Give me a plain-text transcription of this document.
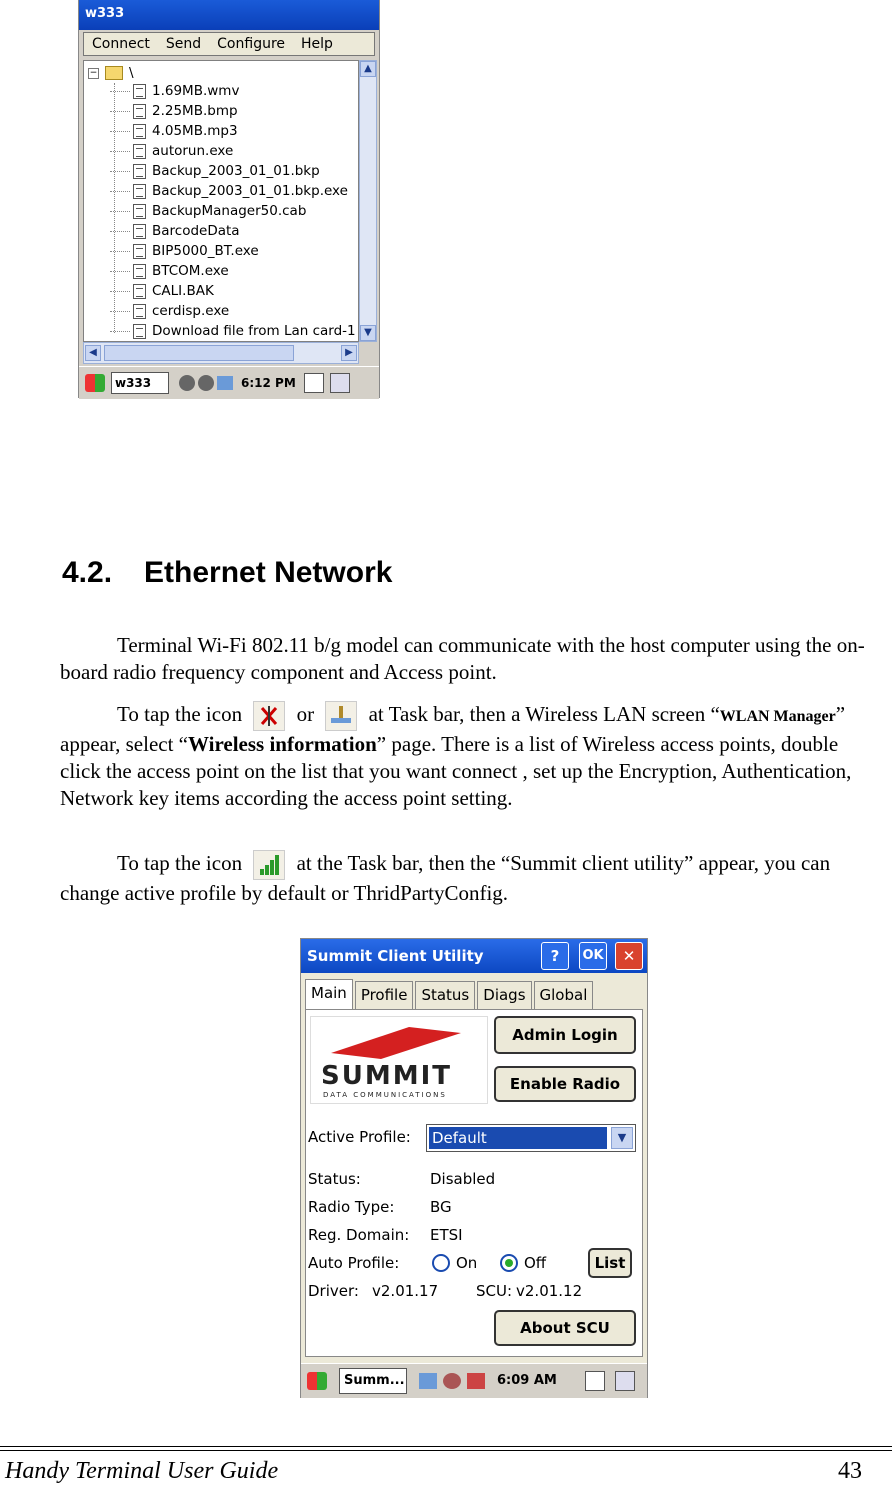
w333
Connect	Send	Configure	Help
− \
1.69MB.wmv
2.25MB.bmp
4.05MB.mp3
autorun.exe
Backup_2003_01_01.bkp
Backup_2003_01_01.bkp.exe
BackupManager50.cab
BarcodeData
BIP5000_BT.exe
BTCOM.exe
CALI.BAK
cerdisp.exe
Download file from Lan card-1
▲
▼
◀	▶
w333	6:12 PM
4.2. Ethernet Network
Terminal Wi-Fi 802.11 b/g model can communicate with the host computer using the on-board radio frequency component and Access point.
To tap the icon	or	at Task bar, then a Wireless LAN screen “WLAN Manager” appear, select “Wireless information” page. There is a list of Wireless access points, double click the access point on the list that you want connect , set up the Encryption, Authentication, Network key items according the access point setting.
To tap the icon	at the Task bar, then the “Summit client utility” appear, you can change active profile by default or ThridPartyConfig.
Summit Client Utility	?	OK	✕
Main Profile Status Diags Global
SUMMIT
DATA COMMUNICATIONS
Admin Login
Enable Radio
Active Profile: Default	▼
Status:	Disabled
Radio Type: BG
Reg. Domain: ETSI
Auto Profile:	On	Off	List
Driver: v2.01.17	SCU: v2.01.12
About SCU
Summ...	6:09 AM
Handy Terminal User Guide	43
